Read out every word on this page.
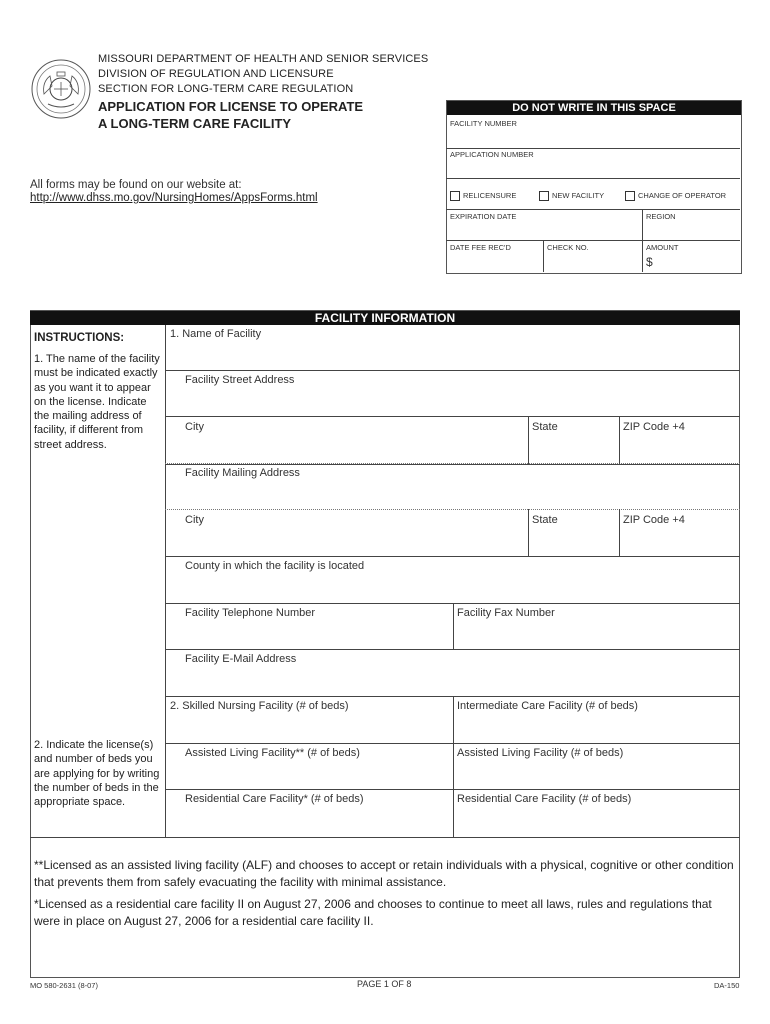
MISSOURI DEPARTMENT OF HEALTH AND SENIOR SERVICES
DIVISION OF REGULATION AND LICENSURE
SECTION FOR LONG-TERM CARE REGULATION
APPLICATION FOR LICENSE TO OPERATE
A LONG-TERM CARE FACILITY
All forms may be found on our website at:
http://www.dhss.mo.gov/NursingHomes/AppsForms.html
DO NOT WRITE IN THIS SPACE
FACILITY NUMBER
APPLICATION NUMBER
RELICENSURE	NEW FACILITY	CHANGE OF OPERATOR
EXPIRATION DATE	REGION
DATE FEE REC'D	CHECK NO.	AMOUNT
$
FACILITY INFORMATION
INSTRUCTIONS:
1. The name of the facility must be indicated exactly as you want it to appear on the license. Indicate the mailing address of facility, if different from street address.
2. Indicate the license(s) and number of beds you are applying for by writing the number of beds in the appropriate space.
1. Name of Facility
Facility Street Address
City	State	ZIP Code +4
Facility Mailing Address
City	State	ZIP Code +4
County in which the facility is located
Facility Telephone Number	Facility Fax Number
Facility E-Mail Address
2. Skilled Nursing Facility (# of beds)	Intermediate Care Facility (# of beds)
Assisted Living Facility** (# of beds)	Assisted Living Facility (# of beds)
Residential Care Facility* (# of beds)	Residential Care Facility (# of beds)
**Licensed as an assisted living facility (ALF) and chooses to accept or retain individuals with a physical, cognitive or other condition that prevents them from safely evacuating the facility with minimal assistance.
*Licensed as a residential care facility II on August 27, 2006 and chooses to continue to meet all laws, rules and regulations that were in place on August 27, 2006 for a residential care facility II.
MO 580-2631 (8-07)	PAGE 1 OF 8	DA-150
